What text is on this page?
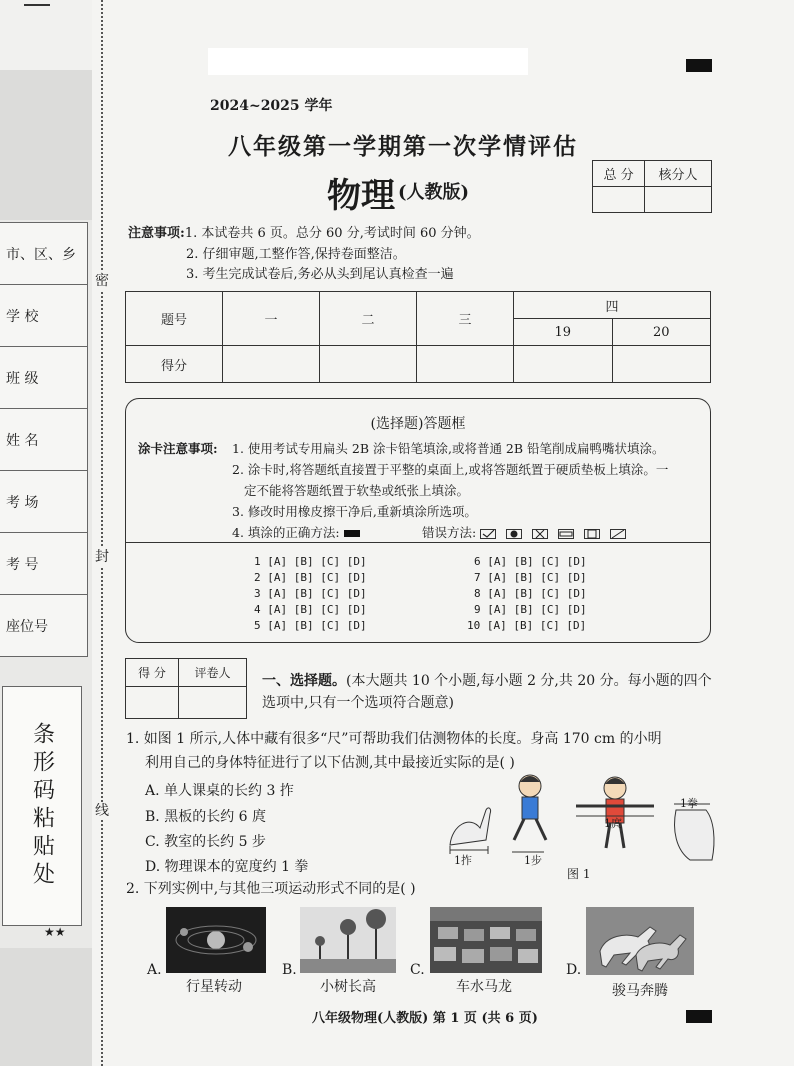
市、区、乡
学 校
班 级
姓 名
考 场
考 号
座位号
条形码粘贴处
★★
密
封
线
2024~2025 学年
八年级第一学期第一次学情评估
物理 (人教版)
总 分	核分人

注意事项:1. 本试卷共 6 页。总分 60 分,考试时间 60 分钟。
2. 仔细审题,工整作答,保持卷面整洁。
3. 考生完成试卷后,务必从头到尾认真检查一遍
题号	一	二	三	四	
				19	20
得分					
(选择题)答题框
涂卡注意事项: 1. 使用考试专用扁头 2B 涂卡铅笔填涂,或将普通 2B 铅笔削成扁鸭嘴状填涂。
2. 涂卡时,将答题纸直接置于平整的桌面上,或将答题纸置于硬质垫板上填涂。一
定不能将答题纸置于软垫或纸张上填涂。
3. 修改时用橡皮擦干净后,重新填涂所选项。
4. 填涂的正确方法:	错误方法:

1 [A] [B] [C] [D]
2 [A] [B] [C] [D]
3 [A] [B] [C] [D]
4 [A] [B] [C] [D]
5 [A] [B] [C] [D]
6 [A] [B] [C] [D]
7 [A] [B] [C] [D]
8 [A] [B] [C] [D]
9 [A] [B] [C] [D]
10 [A] [B] [C] [D]
得 分	评卷人
	一、选择题。(本大题共 10 个小题,每小题 2 分,共 20 分。每小题的四个选项中,只有一个选项符合题意)
1. 如图 1 所示,人体中藏有很多“尺”可帮助我们估测物体的长度。身高 170 cm 的小明
利用自己的身体特征进行了以下估测,其中最接近实际的是( )
A. 单人课桌的长约 3 拃
B. 黑板的长约 6 庹
C. 教室的长约 5 步
D. 物理课本的宽度约 1 拳	1拃	1步
1庹
1拳
图 1
2. 下列实例中,与其他三项运动形式不同的是( )
A.
行星转动
B.
小树长高
C.
车水马龙
D.
骏马奔腾
八年级物理(人教版) 第 1 页 (共 6 页)
